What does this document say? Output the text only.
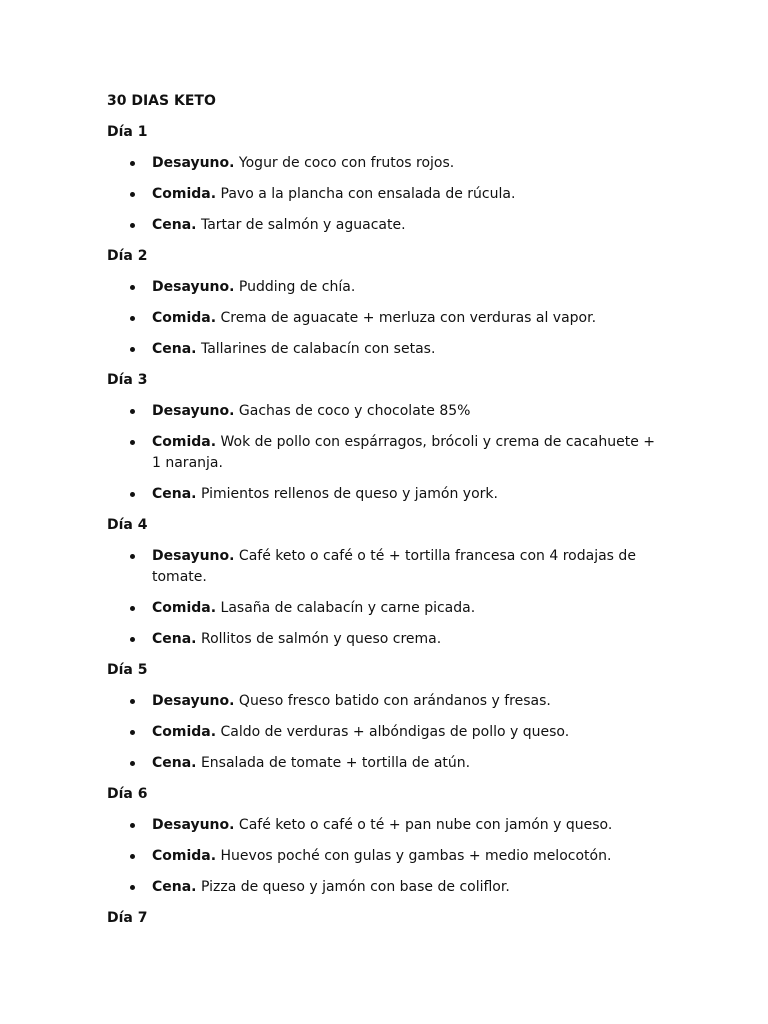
30 DIAS KETO
Día 1
Desayuno. Yogur de coco con frutos rojos.
Comida. Pavo a la plancha con ensalada de rúcula.
Cena. Tartar de salmón y aguacate.
Día 2
Desayuno. Pudding de chía.
Comida. Crema de aguacate + merluza con verduras al vapor.
Cena. Tallarines de calabacín con setas.
Día 3
Desayuno. Gachas de coco y chocolate 85%
Comida. Wok de pollo con espárragos, brócoli y crema de cacahuete + 1 naranja.
Cena. Pimientos rellenos de queso y jamón york.
Día 4
Desayuno. Café keto o café o té + tortilla francesa con 4 rodajas de tomate.
Comida. Lasaña de calabacín y carne picada.
Cena. Rollitos de salmón y queso crema.
Día 5
Desayuno. Queso fresco batido con arándanos y fresas.
Comida. Caldo de verduras + albóndigas de pollo y queso.
Cena. Ensalada de tomate + tortilla de atún.
Día 6
Desayuno. Café keto o café o té + pan nube con jamón y queso.
Comida. Huevos poché con gulas y gambas + medio melocotón.
Cena. Pizza de queso y jamón con base de coliflor.
Día 7
